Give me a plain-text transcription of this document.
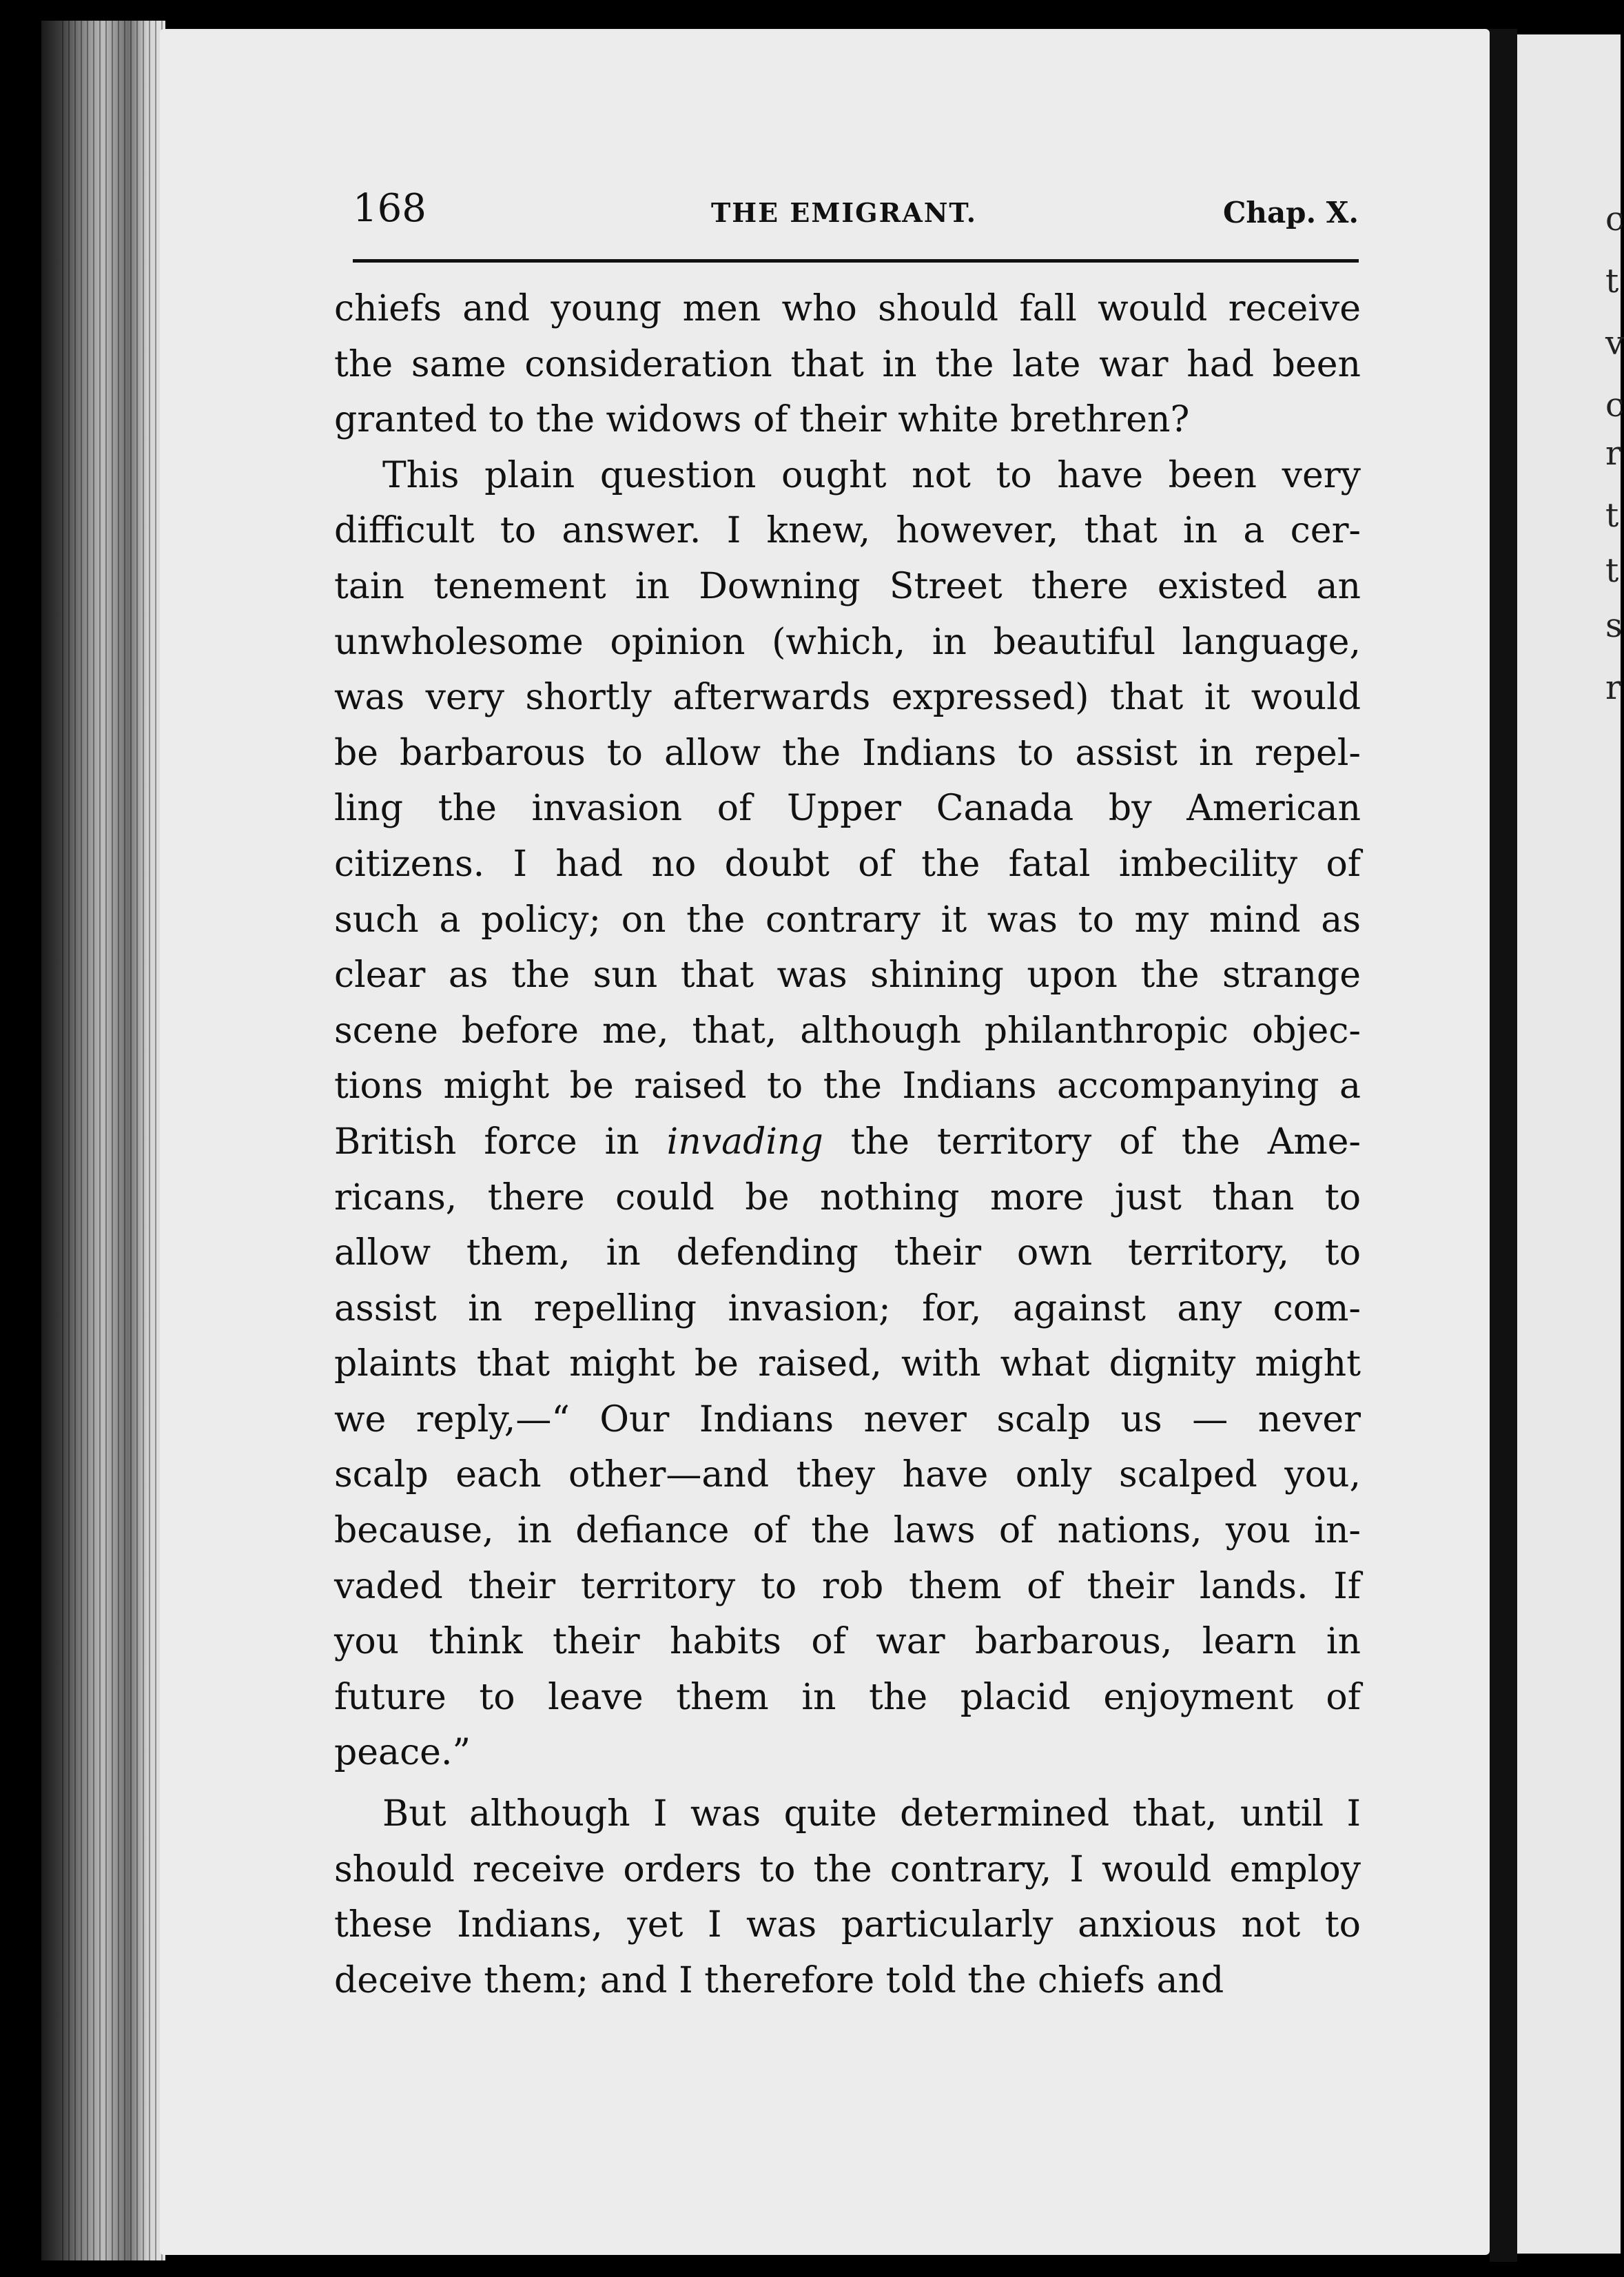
c
t
v
c
r
t
t
s
r
168	THE EMIGRANT.	Chap. X.

chiefs and young men who should fall would receive
the same consideration that in the late war had been
granted to the widows of their white brethren?

This plain question ought not to have been very
difficult to answer. I knew, however, that in a cer-
tain tenement in Downing Street there existed an
unwholesome opinion (which, in beautiful language,
was very shortly afterwards expressed) that it would
be barbarous to allow the Indians to assist in repel-
ling the invasion of Upper Canada by American
citizens. I had no doubt of the fatal imbecility of
such a policy; on the contrary it was to my mind as
clear as the sun that was shining upon the strange
scene before me, that, although philanthropic objec-
tions might be raised to the Indians accompanying a
British force in invading the territory of the Ame-
ricans, there could be nothing more just than to
allow them, in defending their own territory, to
assist in repelling invasion; for, against any com-
plaints that might be raised, with what dignity might
we reply,—“ Our Indians never scalp us — never
scalp each other—and they have only scalped you,
because, in defiance of the laws of nations, you in-
vaded their territory to rob them of their lands. If
you think their habits of war barbarous, learn in
future to leave them in the placid enjoyment of
peace.”

But although I was quite determined that, until I
should receive orders to the contrary, I would employ
these Indians, yet I was particularly anxious not to
deceive them; and I therefore told the chiefs and
